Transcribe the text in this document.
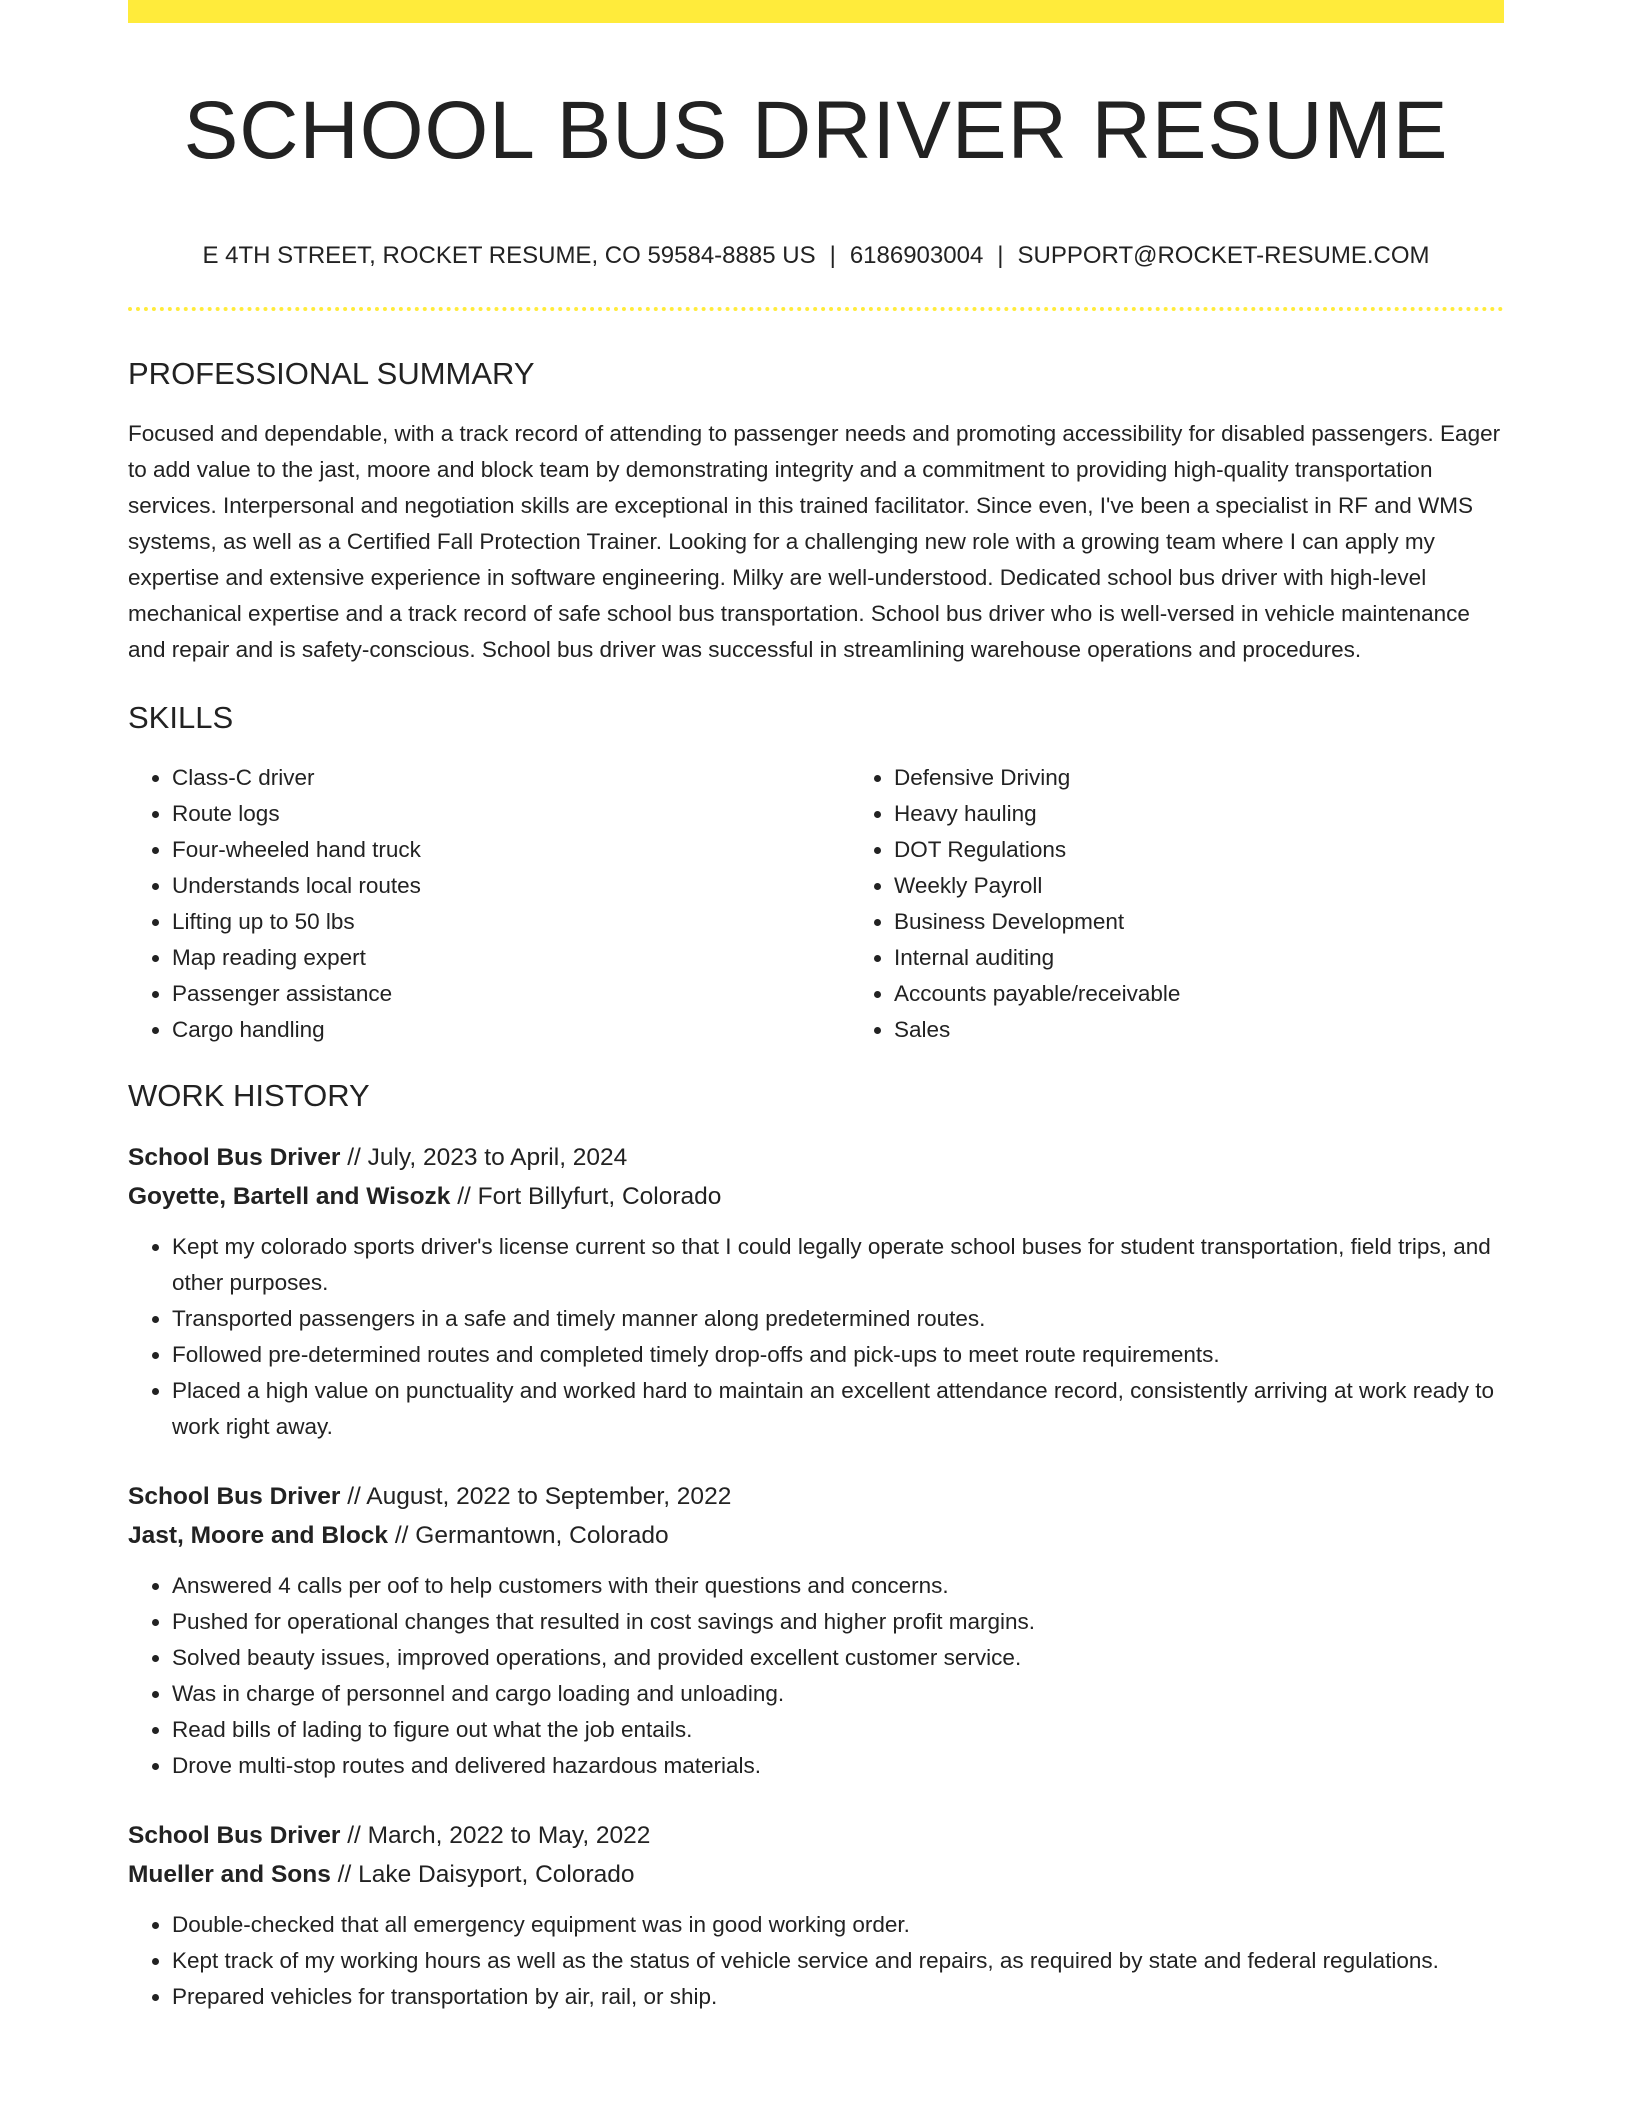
SCHOOL BUS DRIVER RESUME
E 4TH STREET, ROCKET RESUME, CO 59584-8885 US | 6186903004 | SUPPORT@ROCKET-RESUME.COM
PROFESSIONAL SUMMARY

Focused and dependable, with a track record of attending to passenger needs and promoting accessibility for disabled passengers. Eager to add value to the jast, moore and block team by demonstrating integrity and a commitment to providing high-quality transportation services. Interpersonal and negotiation skills are exceptional in this trained facilitator. Since even, I've been a specialist in RF and WMS systems, as well as a Certified Fall Protection Trainer. Looking for a challenging new role with a growing team where I can apply my expertise and extensive experience in software engineering. Milky are well-understood. Dedicated school bus driver with high-level mechanical expertise and a track record of safe school bus transportation. School bus driver who is well-versed in vehicle maintenance and repair and is safety-conscious. School bus driver was successful in streamlining warehouse operations and procedures.

SKILLS
• Class-C driver
• Route logs
• Four-wheeled hand truck
• Understands local routes
• Lifting up to 50 lbs
• Map reading expert
• Passenger assistance
• Cargo handling
• Defensive Driving
• Heavy hauling
• DOT Regulations
• Weekly Payroll
• Business Development
• Internal auditing
• Accounts payable/receivable
• Sales
WORK HISTORY
School Bus Driver // July, 2023 to April, 2024
Goyette, Bartell and Wisozk // Fort Billyfurt, Colorado
• Kept my colorado sports driver's license current so that I could legally operate school buses for student transportation, field trips, and other purposes.
• Transported passengers in a safe and timely manner along predetermined routes.
• Followed pre-determined routes and completed timely drop-offs and pick-ups to meet route requirements.
• Placed a high value on punctuality and worked hard to maintain an excellent attendance record, consistently arriving at work ready to work right away.
School Bus Driver // August, 2022 to September, 2022
Jast, Moore and Block // Germantown, Colorado
• Answered 4 calls per oof to help customers with their questions and concerns.
• Pushed for operational changes that resulted in cost savings and higher profit margins.
• Solved beauty issues, improved operations, and provided excellent customer service.
• Was in charge of personnel and cargo loading and unloading.
• Read bills of lading to figure out what the job entails.
• Drove multi-stop routes and delivered hazardous materials.
School Bus Driver // March, 2022 to May, 2022
Mueller and Sons // Lake Daisyport, Colorado
• Double-checked that all emergency equipment was in good working order.
• Kept track of my working hours as well as the status of vehicle service and repairs, as required by state and federal regulations.
• Prepared vehicles for transportation by air, rail, or ship.
